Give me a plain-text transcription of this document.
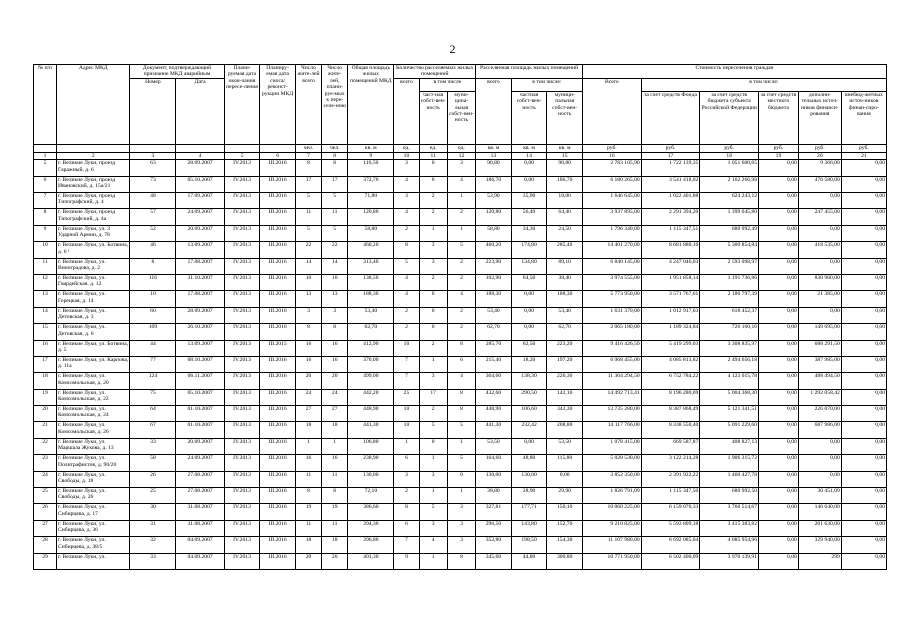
2
№ п/п	Адрес МКД	Документ, подтверждающий признание МКД аварийным		Плани-руемая дата окон-чания пересе-ления	Планиру-емая дата сноса/ реконст-рукции МКД	Число жите-лей всего	Число жите-лей, плани-руе-мых к пере-селе-нию	Общая площадь жилых помещений МКД	Количество расселяемых жилых помещений			Расселяемая площадь жилых помещений			Стоимость переселения граждан					
		Номер	Дата						всего	в том числе		всего	в том числе:		Всего	в том числе:				
										част-ная собст-вен-ность	муни-ципа-льная собст-вен-ность		частная собст-вен-ность	муници-пальная собст-вен-ность		за счет средств Фонда	за счет средств бюджета субъекта Российской Федерации	за счет средств местного бюджета	дополни-тельных источ-ников финанси-рования	внебюд-жетных источ-ников финан-сиро-вания
						чел.	чел.	кв. м	ед.	ед.	ед.	кв. м	кв. м	кв. м	руб.	руб.	руб.	руб.	руб.	руб.
1	2	3	4	5	6	7	8	9	10	11	12	13	14	15	16	17	18	19	20	21
5	г. Великие Луки, проезд Гаражный, д. 6	63	28.09.2007	IV.2013	III.2016	8	8	116,50	3	0	3	90,80	0,00	90,80	2 783 105,90	1 722 139,35	1 051 600,65	0,00	9 366,00	0,00
6	г. Великие Луки, проезд Ивановский, д. 15а/21	73	05.10.2007	IV.2013	III.2016	17	17	372,70	4	0	4	186,70	0,00	186,70	6 180 265,00	3 541 418,02	2 162 266,98	0,00	476 580,00	0,00
7	г. Великие Луки, проезд Типографский, д. 4	48	17.09.2007	IV.2013	III.2016	5	5	71,80	3	2	1	53,90	35,90	18,00	1 646 645,00	1 022 401,88	624 243,12	0,00	0,00	0,00
8	г. Великие Луки, проезд Типографский, д. 4а	57	24.09.2007	IV.2013	III.2016	11	11	120,80	4	2	2	120,80	56,40	64,40	3 937 895,00	2 291 394,20	1 399 045,80	0,00	247 455,00	0,00
9	г. Великие Луки, ул. 3 Ударной Армии, д. 78	52	20.09.2007	IV.2013	III.2016	5	5	58,80	2	1	1	58,80	34,30	24,50	1 796 340,00	1 115 347,51	680 992,49	0,00	0,00	0,00
10	г. Великие Луки, ул. Ботвина, д. 6 ¹	46	13.09.2007	IV.2013	III.2016	22	22	460,20	8	3	5	460,20	174,80	285,40	14 401 270,00	8 681 880,16	5 300 854,84	0,00	418 535,00	0,00
11	г. Великие Луки, ул. Виноградова, д. 2	8	17.08.2007	IV.2013	III.2016	14	14	313,40	5	3	2	223,90	134,80	89,10	6 840 145,00	4 247 046,03	2 593 098,97	0,00	0,00	0,00
12	г. Великие Луки, ул. Гвардейская, д. 12	116	31.10.2007	IV.2013	III.2016	10	10	138,50	4	2	2	102,90	64,50	38,40	3 974 555,00	1 951 858,14	1 191 736,86	0,00	830 960,00	0,00
13	г. Великие Луки, ул. Горецкая, д. 14	10	17.08.2007	IV.2013	III.2016	13	13	188,30	4	0	4	188,30	0,00	188,30	5 773 950,00	3 571 767,61	2 180 797,39	0,00	21 385,00	0,00
14	г. Великие Луки, ул. Детовская, д. 3	60	28.09.2007	IV.2013	III.2016	3	3	53,40	2	0	2	53,40	0,00	53,40	1 631 370,00	1 012 917,63	618 452,37	0,00	0,00	0,00
15	г. Великие Луки, ул. Детовская, д. 6	109	26.10.2007	IV.2013	III.2016	8	8	62,70	2	0	2	62,70	0,00	62,70	2 065 180,00	1 189 324,84	726 160,16	0,00	149 695,00	0,00
16	г. Великие Луки, ул. Ботвина, д. 5	44	13.09.2007	IV.2013	III.2015	16	16	412,90	10	2	8	285,70	62,50	223,20	9 416 426,50	5 419 299,03	3 308 835,97	0,00	688 291,50	0,00
17	г. Великие Луки, ул. Карпова, д. 11а	77	08.10.2007	IV.2013	III.2016	16	16	370,00	7	1	6	215,40	18,20	197,20	6 968 455,00	4 085 813,82	2 494 656,18	0,00	387 985,00	0,00
18	г. Великие Луки, ул. Комсомольская, д. 20	124	06.11.2007	IV.2013	III.2016	20	20	499,00	7	3	4	364,60	138,30	226,30	11 364 294,50	6 752 784,22	4 123 015,78	0,00	488 494,50	0,00
19	г. Великие Луки, ул. Комсомольская, д. 22	75	05.10.2007	IV.2013	III.2016	24	24	442,20	25	17	8	432,60	290,50	142,10	14 492 713,41	8 196 280,69	5 004 368,30	0,00	1 292 058,42	0,00
20	г. Великие Луки, ул. Комсомольская, д. 24	64	01.10.2007	IV.2013	III.2016	27	27	448,90	10	2	8	448,90	106,60	342,30	13 735 280,00	8 387 868,49	5 121 341,51	0,00	226 070,00	0,00
21	г. Великие Луки, ул. Комсомольская, д. 26	67	01.10.2007	IV.2013	III.2016	18	18	441,30	10	5	5	441,30	232,42	208,88	14 117 766,00	8 338 550,40	5 091 229,60	0,00	687 986,00	0,00
22	г. Великие Луки, ул. Маршала Жукова, д. 13	33	20.09.2007	IV.2013	III.2016	1	1	106,80	1	0	1	53,50	0,00	53,50	1 078 415,00	669 587,87	408 827,13	0,00	0,00	0,00
23	г. Великие Луки, ул. Полиграфистов, д. 90/20	58	24.09.2007	IV.2013	III.2016	16	16	238,90	6	1	5	164,60	48,80	115,80	5 028 530,00	3 122 214,28	1 906 315,72	0,00	0,00	0,00
24	г. Великие Луки, ул. Свободы, д. 18	26	27.08.2007	IV.2013	III.2016	11	11	130,00	3	3	0	130,00	130,00	0,00	3 852 350,00	2 391 922,22	1 460 427,78	0,00	0,00	0,00
25	г. Великие Луки, ул. Свободы, д. 26	25	27.08.2007	IV.2013	III.2016	8	8	72,10	2	1	1	38,80	28,90	29,90	1 826 791,09	1 115 347,50	680 992,50	0,00	30 451,09	0,00
26	г. Великие Луки, ул. Сибирцева, д. 17	30	31.08.2007	IV.2013	III.2016	19	19	386,60	8	5	3	327,81	177,71	150,10	10 060 225,00	6 159 070,33	3 760 514,67	0,00	146 640,00	0,00
27	г. Великие Луки, ул. Сибирцева, д. 36	31	31.08.2007	IV.2013	III.2016	11	11	394,30	6	3	3	296,50	143,80	152,70	9 210 825,00	5 593 809,18	3 415 383,82	0,00	201 630,00	0,00
28	г. Великие Луки, ул. Сибирцева, д. 38/5	32	04.09.2007	IV.2013	III.2016	18	18	396,80	7	4	3	352,80	198,50	154,30	11 107 980,00	6 692 085,04	4 085 954,96	0,00	329 940,00	0,00
29	г. Великие Луки, ул.	33	04.09.2007	IV.2013	III.2016	20	20	401,30	9	1	8	345,60	44,80	300,80	10 771 950,00	6 502 400,09	3 970 139,91	0,00	299	0,00
